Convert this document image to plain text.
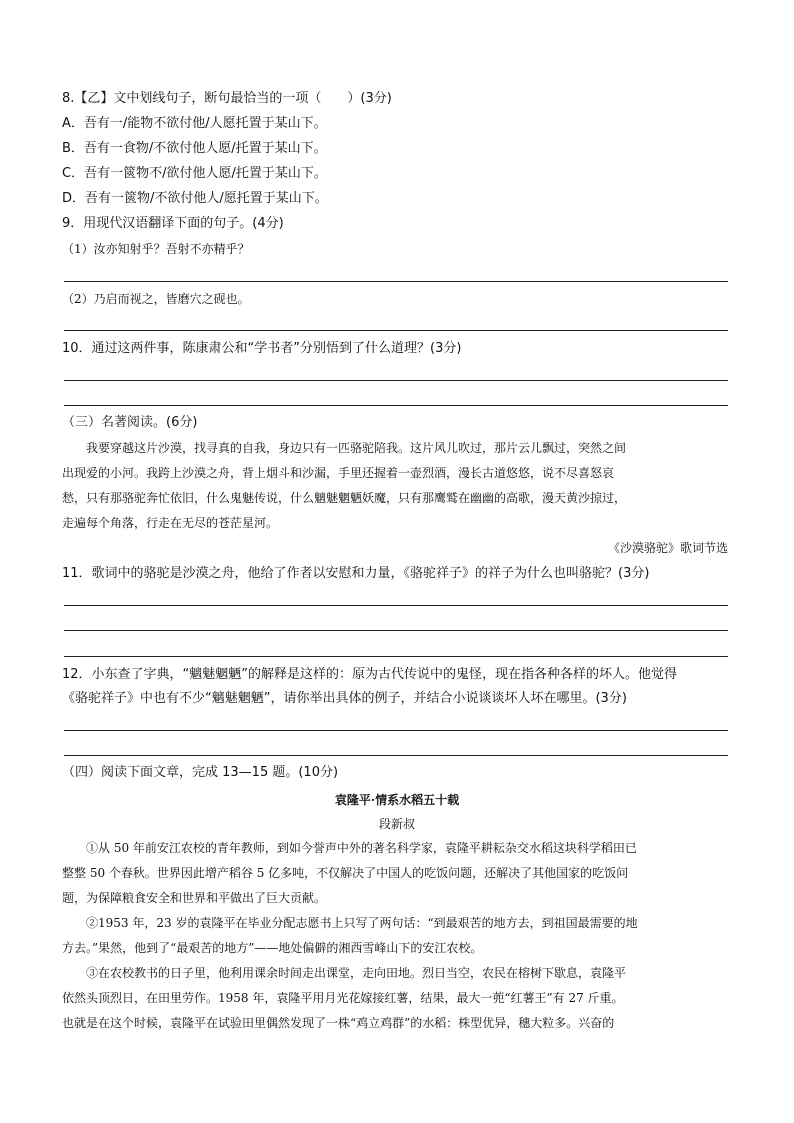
8.【乙】文中划线句子，断句最恰当的一项（　　）(3分)
A．吾有一/能物不欲付他/人愿托置于某山下。
B．吾有一食物/不欲付他人愿/托置于某山下。
C．吾有一篋物不/欲付他人愿/托置于某山下。
D．吾有一篋物/不欲付他人/愿托置于某山下。
9．用现代汉语翻译下面的句子。(4分)
（1）汝亦知射乎？吾射不亦精乎？
（2）乃启而视之，皆磨穴之砚也。
10．通过这两件事，陈康肃公和“学书者”分别悟到了什么道理？(3分)
（三）名著阅读。(6分)
我要穿越这片沙漠，找寻真的自我，身边只有一匹骆驼陪我。这片风儿吹过，那片云儿飘过，突然之间
出现爱的小河。我跨上沙漠之舟，背上烟斗和沙漏，手里还握着一壶烈酒，漫长古道悠悠，说不尽喜怒哀
愁，只有那骆驼奔忙依旧，什么鬼魅传说，什么魑魅魍魉妖魔，只有那鹰鹫在幽幽的高歌，漫天黄沙掠过，
走遍每个角落，行走在无尽的苍茫星河。
《沙漠骆驼》歌词节选
11．歌词中的骆驼是沙漠之舟，他给了作者以安慰和力量，《骆驼祥子》的祥子为什么也叫骆驼？(3分)
12．小东查了字典，“魑魅魍魉”的解释是这样的：原为古代传说中的鬼怪，现在指各种各样的坏人。他觉得
《骆驼祥子》中也有不少“魑魅魍魉”，请你举出具体的例子，并结合小说谈谈坏人坏在哪里。(3分)
（四）阅读下面文章，完成 13—15 题。(10分)
袁隆平·情系水稻五十载
段新叔
①从 50 年前安江农校的青年教师，到如今誉声中外的著名科学家，袁隆平耕耘杂交水稻这块科学稻田已
整整 50 个春秋。世界因此增产稻谷 5 亿多吨，不仅解决了中国人的吃饭问题，还解决了其他国家的吃饭问
题，为保障粮食安全和世界和平做出了巨大贡献。
②1953 年，23 岁的袁隆平在毕业分配志愿书上只写了两句话：“到最艰苦的地方去，到祖国最需要的地
方去。”果然，他到了“最艰苦的地方”——地处偏僻的湘西雪峰山下的安江农校。
③在农校教书的日子里，他利用课余时间走出课堂，走向田地。烈日当空，农民在榕树下歇息，袁隆平
依然头顶烈日，在田里劳作。1958 年，袁隆平用月光花嫁接红薯，结果，最大一蔸“红薯王”有 27 斤重。
也就是在这个时候，袁隆平在试验田里偶然发现了一株“鸡立鸡群”的水稻：株型优异，穗大粒多。兴奋的
